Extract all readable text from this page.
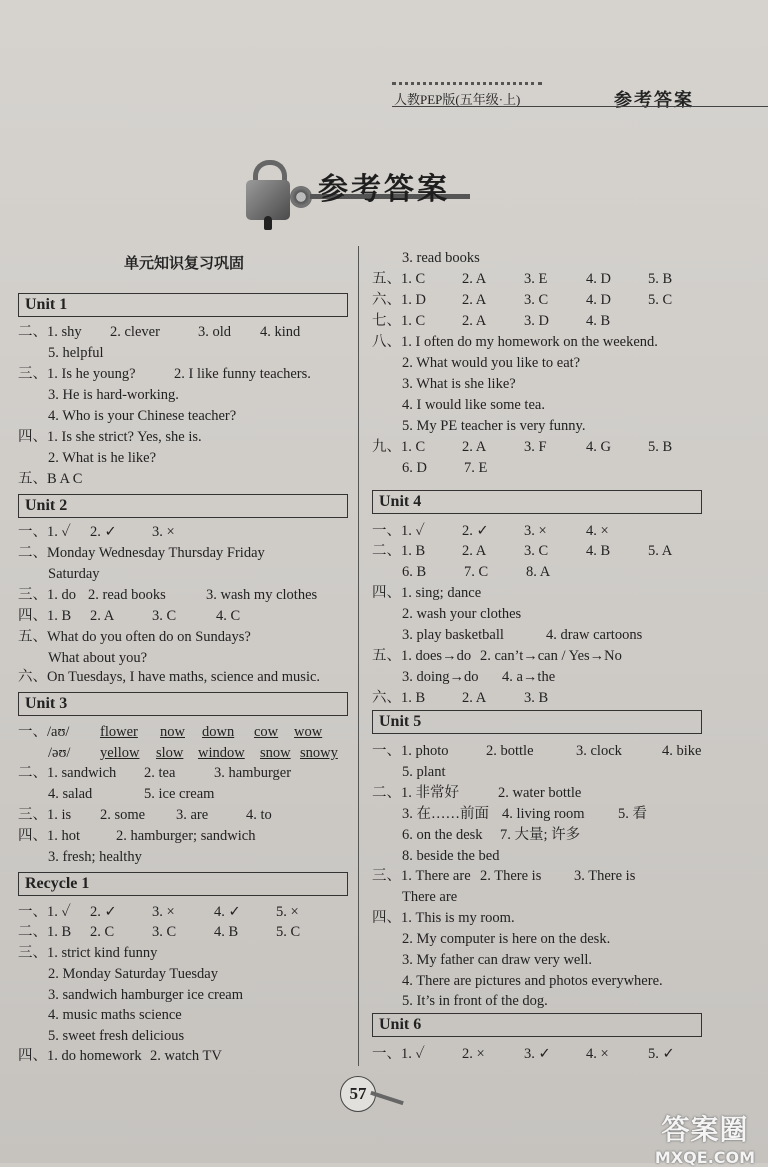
人教PEP版(五年级·上)	参考答案
参考答案
单元知识复习巩固
Unit 1
Unit 2
Unit 3
Recycle 1
一、/aʊ/ flower now down cow wow
/əʊ/ yellow slow window snow snowy
二、1. shy 2. clever	3. old 4. kind
5. helpful
三、1. Is he young?	2. I like funny teachers.
3. He is hard-working.
4. Who is your Chinese teacher?
四、1. Is she strict? Yes, she is.
2. What is he like?
五、B A C
一、1. ✓ 2. ✓ 3. ×
二、Monday Wednesday Thursday Friday
Saturday
三、1. do 2. read books	3. wash my clothes
四、1. B 2. A	3. C	4. C
五、What do you often do on Sundays?
What about you?
六、On Tuesdays, I have maths, science and music.
二、1. sandwich 2. tea	3. hamburger
4. salad	5. ice cream
三、1. is 2. some 3. are	4. to
四、1. hot 2. hamburger; sandwich
3. fresh; healthy
一、1. ✓ 2. ✓ 3. ×	4. ✓ 5. ×
二、1. B 2. C	3. C	4. B	5. C
三、1. strict kind funny
2. Monday Saturday Tuesday
3. sandwich hamburger ice cream
4. music maths science
5. sweet fresh delicious
四、1. do homework 2. watch TV
Unit 4
Unit 5
Unit 6
3. read books
五、1. C	2. A	3. E	4. D	5. B
六、1. D 2. A	3. C	4. D	5. C
七、1. C	2. A	3. D	4. B
八、1. I often do my homework on the weekend.
2. What would you like to eat?
3. What is she like?
4. I would like some tea.
5. My PE teacher is very funny.
九、1. C	2. A	3. F	4. G	5. B
6. D	7. E
一、1. ✓	2. ✓ 3. ×	4. ×
二、1. B	2. A	3. C	4. B	5. A
6. B	7. C	8. A
四、1. sing; dance
2. wash your clothes
3. play basketball	4. draw cartoons
五、1. does→do 2. can’t→can / Yes→No
3. doing→do 4. a→the
六、1. B	2. A	3. B
一、1. photo	2. bottle	3. clock	4. bike
5. plant
二、1. 非常好	2. water bottle
3. 在……前面 4. living room 5. 看
6. on the desk 7. 大量; 许多
8. beside the bed
三、1. There are 2. There is 3. There is
There are
四、1. This is my room.
2. My computer is here on the desk.
3. My father can draw very well.
4. There are pictures and photos everywhere.
5. It’s in front of the dog.
一、1. ✓	2. ×	3. ✓ 4. ×	5. ✓
57
答案圈
MXQE.COM
